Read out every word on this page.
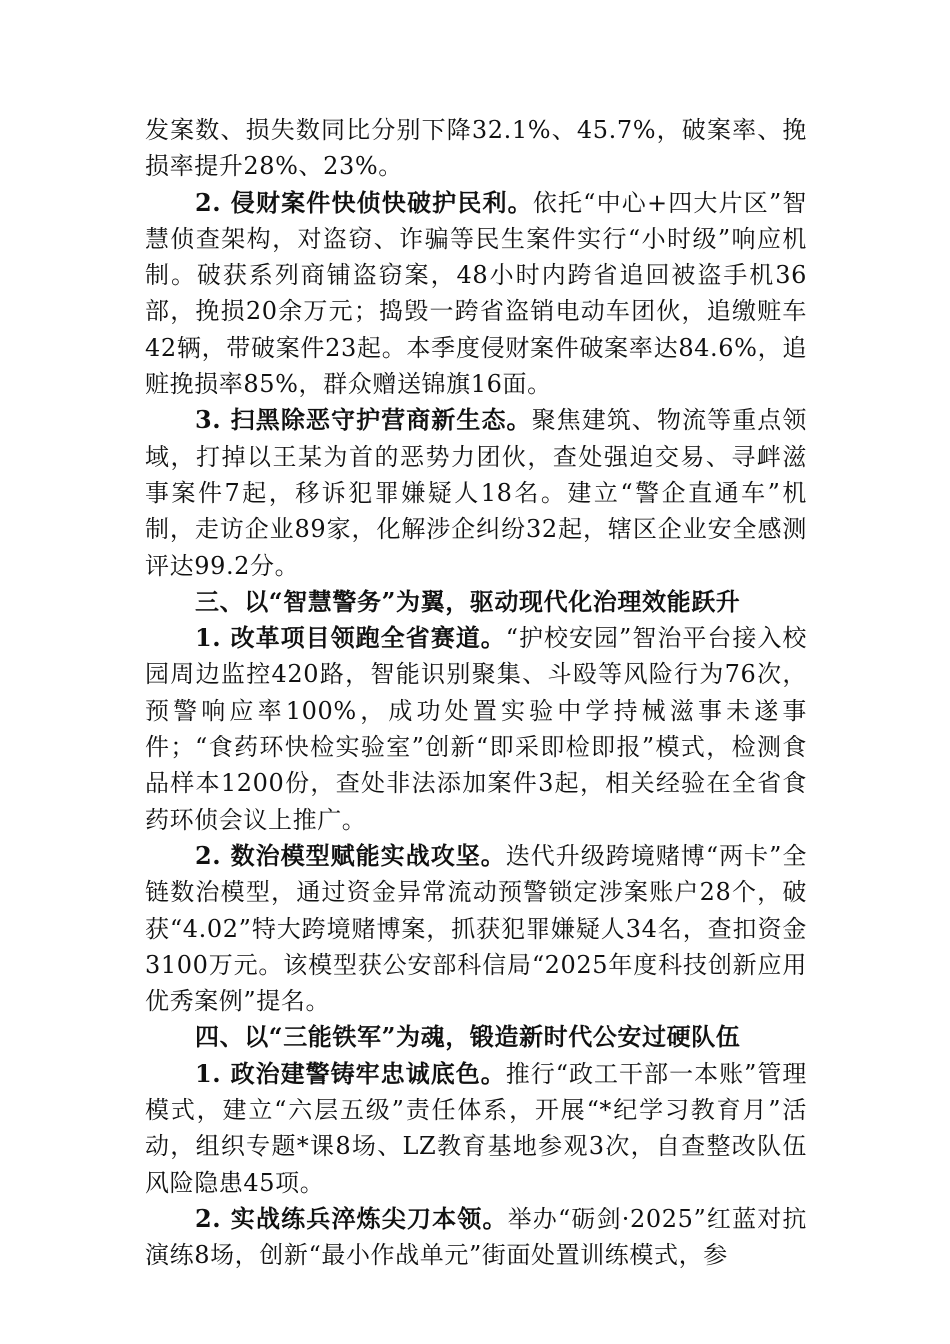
发案数、损失数同比分别下降32.1%、45.7%，破案率、挽损率提升28%、23%。

2. 侵财案件快侦快破护民利。依托“中心+四大片区”智慧侦查架构，对盗窃、诈骗等民生案件实行“小时级”响应机制。破获系列商铺盗窃案，48小时内跨省追回被盗手机36部，挽损20余万元；捣毁一跨省盗销电动车团伙，追缴赃车42辆，带破案件23起。本季度侵财案件破案率达84.6%，追赃挽损率85%，群众赠送锦旗16面。

3. 扫黑除恶守护营商新生态。聚焦建筑、物流等重点领域，打掉以王某为首的恶势力团伙，查处强迫交易、寻衅滋事案件7起，移诉犯罪嫌疑人18名。建立“警企直通车”机制，走访企业89家，化解涉企纠纷32起，辖区企业安全感测评达99.2分。

三、以“智慧警务”为翼，驱动现代化治理效能跃升

1. 改革项目领跑全省赛道。“护校安园”智治平台接入校园周边监控420路，智能识别聚集、斗殴等风险行为76次，预警响应率100%，成功处置实验中学持械滋事未遂事件；“食药环快检实验室”创新“即采即检即报”模式，检测食品样本1200份，查处非法添加案件3起，相关经验在全省食药环侦会议上推广。

2. 数治模型赋能实战攻坚。迭代升级跨境赌博“两卡”全链数治模型，通过资金异常流动预警锁定涉案账户28个，破获“4.02”特大跨境赌博案，抓获犯罪嫌疑人34名，查扣资金3100万元。该模型获公安部科信局“2025年度科技创新应用优秀案例”提名。

四、以“三能铁军”为魂，锻造新时代公安过硬队伍

1. 政治建警铸牢忠诚底色。推行“政工干部一本账”管理模式，建立“六层五级”责任体系，开展“*纪学习教育月”活动，组织专题*课8场、LZ教育基地参观3次，自查整改队伍风险隐患45项。

2. 实战练兵淬炼尖刀本领。举办“砺剑·2025”红蓝对抗演练8场，创新“最小作战单元”街面处置训练模式，参
